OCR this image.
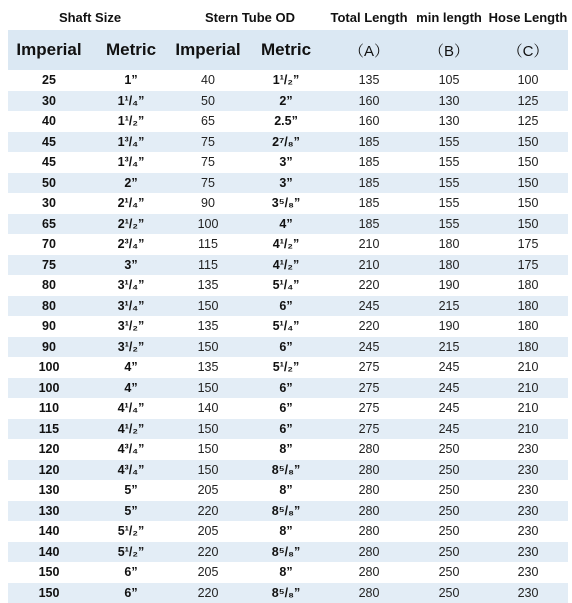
Shaft Size		Stern Tube OD		Total Length	min length	Hose Length
Imperial	Metric	Imperial	Metric	（A）	（B）	（C）
25	1”	40	1¹/₂”	135	105	100
30	1¹/₄”	50	2”	160	130	125
40	1¹/₂”	65	2.5”	160	130	125
45	1³/₄”	75	2⁷/₈”	185	155	150
45	1³/₄”	75	3”	185	155	150
50	2”	75	3”	185	155	150
30	2¹/₄”	90	3⁵/₈”	185	155	150
65	2¹/₂”	100	4”	185	155	150
70	2³/₄”	115	4¹/₂”	210	180	175
75	3”	115	4¹/₂”	210	180	175
80	3¹/₄”	135	5¹/₄”	220	190	180
80	3¹/₄”	150	6”	245	215	180
90	3¹/₂”	135	5¹/₄”	220	190	180
90	3¹/₂”	150	6”	245	215	180
100	4”	135	5¹/₂”	275	245	210
100	4”	150	6”	275	245	210
110	4¹/₄”	140	6”	275	245	210
115	4¹/₂”	150	6”	275	245	210
120	4³/₄”	150	8”	280	250	230
120	4³/₄”	150	8⁵/₈”	280	250	230
130	5”	205	8”	280	250	230
130	5”	220	8⁵/₈”	280	250	230
140	5¹/₂”	205	8”	280	250	230
140	5¹/₂”	220	8⁵/₈”	280	250	230
150	6”	205	8”	280	250	230
150	6”	220	8⁵/₈”	280	250	230
